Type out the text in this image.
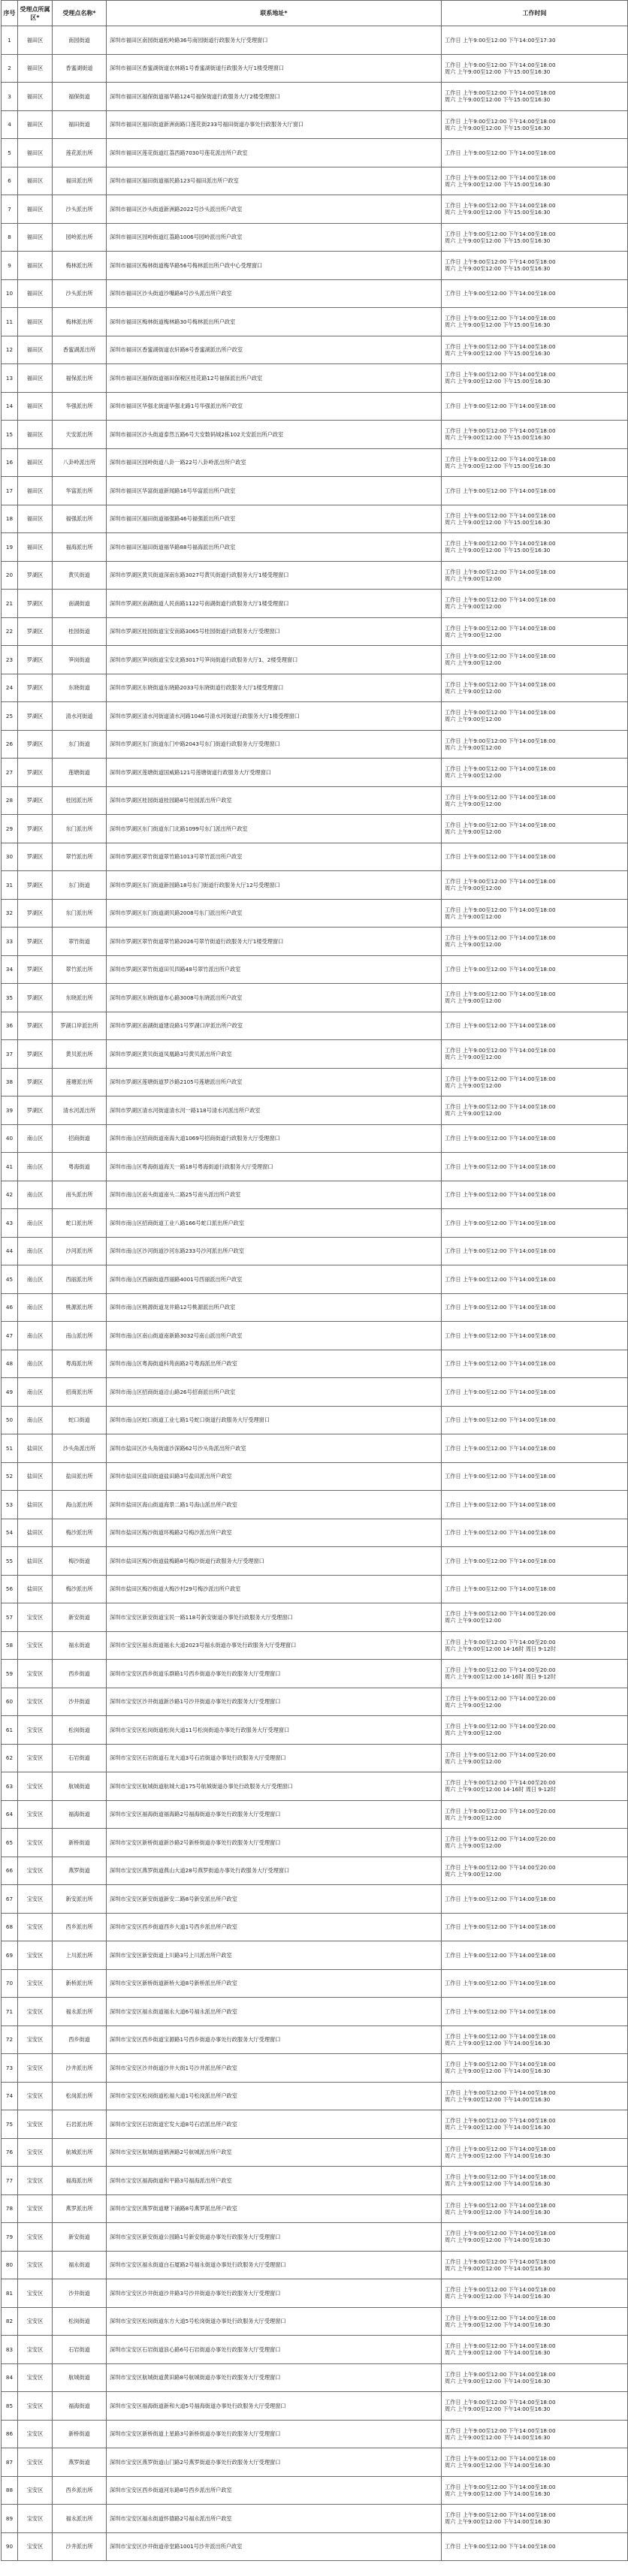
序号	受理点所属区*	受理点名称*	联系地址*	工作时间
1	福田区	南园街道	深圳市福田区南园街道松岭路36号南园街道行政服务大厅受理窗口	工作日 上午9:00至12:00 下午14:00至17:30

2	福田区	香蜜湖街道	深圳市福田区香蜜湖街道农林路1号香蜜湖街道行政服务大厅1楼受理窗口	工作日 上午9:00至12:00 下午14:00至18:00
周六 上午9:00至12:00 下午15:00至16:30

3	福田区	福保街道	深圳市福田区福保街道福华路124号福保街道行政服务大厅2楼受理窗口	工作日 上午9:00至12:00 下午14:00至18:00
周六 上午9:00至12:00 下午15:00至16:30

4	福田区	福田街道	深圳市福田区福田街道新洲南路口莲花街233号福田街道办事处行政服务大厅窗口	工作日 上午9:00至12:00 下午14:00至18:00
周六 上午9:00至12:00 下午15:00至16:30

5	福田区	莲花派出所	深圳市福田区莲花街道红荔西路7030号莲花派出所户政室	工作日 上午9:00至12:00 下午14:00至18:00

6	福田区	福田派出所	深圳市福田区福田街道福民路123号福田派出所户政室	工作日 上午9:00至12:00 下午14:00至18:00
周六 上午9:00至12:00 下午15:00至16:30

7	福田区	沙头派出所	深圳市福田区沙头街道新洲路2022号沙头派出所户政室	工作日 上午9:00至12:00 下午14:00至18:00
周六 上午9:00至12:00 下午15:00至16:30

8	福田区	园岭派出所	深圳市福田区园岭街道红荔路1006号园岭派出所户政室	工作日 上午9:00至12:00 下午14:00至18:00
周六 上午9:00至12:00 下午15:00至16:30

9	福田区	梅林派出所	深圳市福田区梅林街道梅华路56号梅林派出所户政中心受理窗口	工作日 上午9:00至12:00 下午14:00至18:00
周六 上午9:00至12:00 下午15:00至16:30

10	福田区	沙头派出所	深圳市福田区沙头街道沙嘴路8号沙头派出所户政室	工作日 上午9:00至12:00 下午14:00至18:00

11	福田区	梅林派出所	深圳市福田区梅林街道梅林路30号梅林派出所户政室	工作日 上午9:00至12:00 下午14:00至18:00
周六 上午9:00至12:00 下午15:00至16:30

12	福田区	香蜜湖派出所	深圳市福田区香蜜湖街道农轩路8号香蜜湖派出所户政室	工作日 上午9:00至12:00 下午14:00至18:00
周六 上午9:00至12:00 下午15:00至16:30

13	福田区	福保派出所	深圳市福田区福保街道福田保税区桂花路12号福保派出所户政室	工作日 上午9:00至12:00 下午14:00至18:00
周六 上午9:00至12:00 下午15:00至16:30

14	福田区	华强派出所	深圳市福田区华强北街道华强北路1号华强派出所户政室	工作日 上午9:00至12:00 下午14:00至18:00

15	福田区	天安派出所	深圳市福田区沙头街道泰然五路6号天安数码城2栋102天安派出所户政室	工作日 上午9:00至12:00 下午14:00至18:00
周六 上午9:00至12:00 下午15:00至16:30

16	福田区	八卦岭派出所	深圳市福田区园岭街道八卦一路22号八卦岭派出所户政室	工作日 上午9:00至12:00 下午14:00至18:00
周六 上午9:00至12:00 下午15:00至16:30

17	福田区	华富派出所	深圳市福田区华富街道新闻路16号华富派出所户政室	工作日 上午9:00至12:00 下午14:00至18:00

18	福田区	福强派出所	深圳市福田区福田街道福强路46号福强派出所户政室	工作日 上午9:00至12:00 下午14:00至18:00
周六 上午9:00至12:00 下午15:00至16:30

19	福田区	福海派出所	深圳市福田区福田街道福华路88号福海派出所户政室	工作日 上午9:00至12:00 下午14:00至18:00
周六 上午9:00至12:00 下午15:00至16:30

20	罗湖区	黄贝街道	深圳市罗湖区黄贝街道深南东路3027号黄贝街道行政服务大厅1楼受理窗口	工作日 上午9:00至12:00 下午14:00至18:00
周六 上午9:00至12:00

21	罗湖区	南湖街道	深圳市罗湖区南湖街道人民南路1122号南湖街道行政服务大厅1楼受理窗口	工作日 上午9:00至12:00 下午14:00至18:00
周六 上午9:00至12:00

22	罗湖区	桂园街道	深圳市罗湖区桂园街道宝安南路3065号桂园街道行政服务大厅受理窗口	工作日 上午9:00至12:00 下午14:00至18:00
周六 上午9:00至12:00

23	罗湖区	笋岗街道	深圳市罗湖区笋岗街道宝安北路3017号笋岗街道行政服务大厅1、2楼受理窗口	工作日 上午9:00至12:00 下午14:00至18:00
周六 上午9:00至12:00

24	罗湖区	东晓街道	深圳市罗湖区东晓街道东晓路2033号东晓街道行政服务大厅1楼受理窗口	工作日 上午9:00至12:00 下午14:00至18:00
周六 上午9:00至12:00

25	罗湖区	清水河街道	深圳市罗湖区清水河街道清水河路1046号清水河街道行政服务大厅1楼受理窗口	工作日 上午9:00至12:00 下午14:00至18:00
周六 上午9:00至12:00

26	罗湖区	东门街道	深圳市罗湖区东门街道东门中路2043号东门街道行政服务大厅受理窗口	工作日 上午9:00至12:00 下午14:00至18:00
周六 上午9:00至12:00

27	罗湖区	莲塘街道	深圳市罗湖区莲塘街道国威路121号莲塘街道行政服务大厅受理窗口	工作日 上午9:00至12:00 下午14:00至18:00
周六 上午9:00至12:00

28	罗湖区	桂园派出所	深圳市罗湖区桂园街道桂园路8号桂园派出所户政室	工作日 上午9:00至12:00 下午14:00至18:00
周六 上午9:00至12:00

29	罗湖区	东门派出所	深圳市罗湖区东门街道东门北路1099号东门派出所户政室	工作日 上午9:00至12:00 下午14:00至18:00
周六 上午9:00至12:00

30	罗湖区	翠竹派出所	深圳市罗湖区翠竹街道翠竹路1013号翠竹派出所户政室	工作日 上午9:00至12:00 下午14:00至18:00

31	罗湖区	东门街道	深圳市罗湖区东门街道新园路18号东门街道行政服务大厅12号受理窗口	工作日 上午9:00至12:00 下午14:00至18:00
周六 上午9:00至12:00

32	罗湖区	东门派出所	深圳市罗湖区东门街道湖贝路2008号东门派出所户政室	工作日 上午9:00至12:00 下午14:00至18:00
周六 上午9:00至12:00

33	罗湖区	翠竹街道	深圳市罗湖区翠竹街道翠竹路2026号翠竹街道行政服务大厅1楼受理窗口	工作日 上午9:00至12:00 下午14:00至18:00
周六 上午9:00至12:00

34	罗湖区	翠竹派出所	深圳市罗湖区翠竹街道田贝四路48号翠竹派出所户政室	工作日 上午9:00至12:00 下午14:00至18:00

35	罗湖区	东晓派出所	深圳市罗湖区东晓街道布心路3008号东晓派出所户政室	工作日 上午9:00至12:00 下午14:00至18:00
周六 上午9:00至12:00

36	罗湖区	罗湖口岸派出所	深圳市罗湖区南湖街道建设路1号罗湖口岸派出所户政室	工作日 上午9:00至12:00 下午14:00至18:00

37	罗湖区	黄贝派出所	深圳市罗湖区黄贝街道凤凰路3号黄贝派出所户政室	工作日 上午9:00至12:00 下午14:00至18:00
周六 上午9:00至12:00

38	罗湖区	莲塘派出所	深圳市罗湖区莲塘街道罗沙路2105号莲塘派出所户政室	工作日 上午9:00至12:00 下午14:00至18:00
周六 上午9:00至12:00

39	罗湖区	清水河派出所	深圳市罗湖区清水河街道清水河一路118号清水河派出所户政室	工作日 上午9:00至12:00 下午14:00至18:00
周六 上午9:00至12:00

40	南山区	招商街道	深圳市南山区招商街道南海大道1069号招商街道行政服务大厅受理窗口	工作日 上午9:00至12:00 下午14:00至18:00

41	南山区	粤海街道	深圳市南山区粤海街道海天一路18号粤海街道行政服务大厅受理窗口	工作日 上午9:00至12:00 下午14:00至18:00

42	南山区	南头派出所	深圳市南山区南头街道南头二路25号南头派出所户政室	工作日 上午9:00至12:00 下午14:00至18:00

43	南山区	蛇口派出所	深圳市南山区招商街道工业八路166号蛇口派出所户政室	工作日 上午9:00至12:00 下午14:00至18:00

44	南山区	沙河派出所	深圳市南山区沙河街道沙河东路233号沙河派出所户政室	工作日 上午9:00至12:00 下午14:00至18:00

45	南山区	西丽派出所	深圳市南山区西丽街道西丽路4001号西丽派出所户政室	工作日 上午9:00至12:00 下午14:00至18:00

46	南山区	桃源派出所	深圳市南山区桃源街道龙井路12号桃源派出所户政室	工作日 上午9:00至12:00 下午14:00至18:00

47	南山区	南山派出所	深圳市南山区南山街道南新路3032号南山派出所户政室	工作日 上午9:00至12:00 下午14:00至18:00

48	南山区	粤海派出所	深圳市南山区粤海街道科苑南路2号粤海派出所户政室	工作日 上午9:00至12:00 下午14:00至18:00

49	南山区	招商派出所	深圳市南山区招商街道沿山路26号招商派出所户政室	工作日 上午9:00至12:00 下午14:00至18:00

50	南山区	蛇口街道	深圳市南山区蛇口街道工业七路1号蛇口街道行政服务大厅受理窗口	工作日 上午9:00至12:00 下午14:00至18:00

51	盐田区	沙头角派出所	深圳市盐田区沙头角街道沙深路62号沙头角派出所户政室	工作日 上午9:00至12:00 下午14:00至18:00

52	盐田区	盐田派出所	深圳市盐田区盐田街道盐田路3号盐田派出所户政室	工作日 上午9:00至12:00 下午14:00至18:00

53	盐田区	海山派出所	深圳市盐田区海山街道海景二路1号海山派出所户政室	工作日 上午9:00至12:00 下午14:00至18:00

54	盐田区	梅沙派出所	深圳市盐田区梅沙街道环梅路2号梅沙派出所户政室	工作日 上午9:00至12:00 下午14:00至18:00

55	盐田区	梅沙街道	深圳市盐田区梅沙街道盐梅路8号梅沙街道行政服务大厅受理窗口	工作日 上午9:00至12:00 下午14:00至18:00

56	盐田区	梅沙派出所	深圳市盐田区梅沙街道大梅沙村29号梅沙派出所户政室	工作日 上午9:00至12:00 下午14:00至18:00

57	宝安区	新安街道	深圳市宝安区新安街道宝民一路118号新安街道办事处行政服务大厅受理窗口	工作日 上午9:00至12:00 下午14:00至20:00
周六 上午9:00至12:00

58	宝安区	福永街道	深圳市宝安区福永街道福永大道2023号福永街道办事处行政服务大厅受理窗口	工作日 上午9:00至12:00 下午14:00至20:00
周六 上午9:00至12:00 14-16时 周日 9-12时

59	宝安区	西乡街道	深圳市宝安区西乡街道乐群路1号西乡街道办事处行政服务大厅受理窗口	工作日 上午9:00至12:00 下午14:00至20:00
周六 上午9:00至12:00 14-16时 周日 9-12时

60	宝安区	沙井街道	深圳市宝安区沙井街道新沙路1号沙井街道办事处行政服务大厅受理窗口	工作日 上午9:00至12:00 下午14:00至20:00
周六 上午9:00至12:00

61	宝安区	松岗街道	深圳市宝安区松岗街道松岗大道11号松岗街道办事处行政服务大厅受理窗口	工作日 上午9:00至12:00 下午14:00至20:00
周六 上午9:00至12:00

62	宝安区	石岩街道	深圳市宝安区石岩街道石龙大道3号石岩街道办事处行政服务大厅受理窗口	工作日 上午9:00至12:00 下午14:00至20:00
周六 上午9:00至12:00

63	宝安区	航城街道	深圳市宝安区航城街道航城大道175号航城街道办事处行政服务大厅受理窗口	工作日 上午9:00至12:00 下午14:00至20:00
周六 上午9:00至12:00 14-16时 周日 9-12时

64	宝安区	福海街道	深圳市宝安区福海街道福海路2号福海街道办事处行政服务大厅受理窗口	工作日 上午9:00至12:00 下午14:00至20:00
周六 上午9:00至12:00

65	宝安区	新桥街道	深圳市宝安区新桥街道新沙路2号新桥街道办事处行政服务大厅受理窗口	工作日 上午9:00至12:00 下午14:00至20:00
周六 上午9:00至12:00

66	宝安区	燕罗街道	深圳市宝安区燕罗街道燕山大道28号燕罗街道办事处行政服务大厅受理窗口	工作日 上午9:00至12:00 下午14:00至20:00
周六 上午9:00至12:00

67	宝安区	新安派出所	深圳市宝安区新安街道新安二路8号新安派出所户政室	工作日 上午9:00至12:00 下午14:00至18:00

68	宝安区	西乡派出所	深圳市宝安区西乡街道西乡大道1号西乡派出所户政室	工作日 上午9:00至12:00 下午14:00至18:00

69	宝安区	上川派出所	深圳市宝安区新安街道上川路3号上川派出所户政室	工作日 上午9:00至12:00 下午14:00至18:00

70	宝安区	新桥派出所	深圳市宝安区新桥街道新桥大道8号新桥派出所户政室	工作日 上午9:00至12:00 下午14:00至18:00

71	宝安区	福永派出所	深圳市宝安区福永街道福永大道6号福永派出所户政室	工作日 上午9:00至12:00 下午14:00至18:00

72	宝安区	西乡街道	深圳市宝安区西乡街道宝源路1号西乡街道办事处行政服务大厅受理窗口	工作日 上午9:00至12:00 下午14:00至18:00
周六 上午9:00至12:00 下午14:00至16:30

73	宝安区	沙井派出所	深圳市宝安区沙井街道沙井大街1号沙井派出所户政室	工作日 上午9:00至12:00 下午14:00至18:00
周六 上午9:00至12:00 下午14:00至16:30

74	宝安区	松岗派出所	深圳市宝安区松岗街道松福大道1号松岗派出所户政室	工作日 上午9:00至12:00 下午14:00至18:00
周六 上午9:00至12:00 下午14:00至16:30

75	宝安区	石岩派出所	深圳市宝安区石岩街道宏发大道8号石岩派出所户政室	工作日 上午9:00至12:00 下午14:00至18:00
周六 上午9:00至12:00 下午14:00至16:30

76	宝安区	航城派出所	深圳市宝安区航城街道鹤洲路2号航城派出所户政室	工作日 上午9:00至12:00 下午14:00至18:00
周六 上午9:00至12:00 下午14:00至16:30

77	宝安区	福海派出所	深圳市宝安区福海街道和平路3号福海派出所户政室	工作日 上午9:00至12:00 下午14:00至18:00
周六 上午9:00至12:00 下午14:00至16:30

78	宝安区	燕罗派出所	深圳市宝安区燕罗街道塘下涌路8号燕罗派出所户政室	工作日 上午9:00至12:00 下午14:00至18:00
周六 上午9:00至12:00 下午14:00至16:30

79	宝安区	新安街道	深圳市宝安区新安街道公园路1号新安街道办事处行政服务大厅受理窗口	工作日 上午9:00至12:00 下午14:00至18:00
周六 上午9:00至12:00 下午14:00至16:30

80	宝安区	福永街道	深圳市宝安区福永街道白石厦路2号福永街道办事处行政服务大厅受理窗口	工作日 上午9:00至12:00 下午14:00至18:00
周六 上午9:00至12:00 下午14:00至16:30

81	宝安区	沙井街道	深圳市宝安区沙井街道沙井路3号沙井街道办事处行政服务大厅受理窗口	工作日 上午9:00至12:00 下午14:00至18:00
周六 上午9:00至12:00 下午14:00至16:30

82	宝安区	松岗街道	深圳市宝安区松岗街道东方大道5号松岗街道办事处行政服务大厅受理窗口	工作日 上午9:00至12:00 下午14:00至18:00
周六 上午9:00至12:00 下午14:00至16:30

83	宝安区	石岩街道	深圳市宝安区石岩街道浪心路6号石岩街道办事处行政服务大厅受理窗口	工作日 上午9:00至12:00 下午14:00至18:00
周六 上午9:00至12:00 下午14:00至16:30

84	宝安区	航城街道	深圳市宝安区航城街道黄田路8号航城街道办事处行政服务大厅受理窗口	工作日 上午9:00至12:00 下午14:00至18:00
周六 上午9:00至12:00 下午14:00至16:30

85	宝安区	福海街道	深圳市宝安区福海街道新和大道5号福海街道办事处行政服务大厅受理窗口	工作日 上午9:00至12:00 下午14:00至18:00
周六 上午9:00至12:00 下午14:00至16:30

86	宝安区	新桥街道	深圳市宝安区新桥街道上星路3号新桥街道办事处行政服务大厅受理窗口	工作日 上午9:00至12:00 下午14:00至18:00
周六 上午9:00至12:00 下午14:00至16:30

87	宝安区	燕罗街道	深圳市宝安区燕罗街道山门路2号燕罗街道办事处行政服务大厅受理窗口	工作日 上午9:00至12:00 下午14:00至18:00
周六 上午9:00至12:00 下午14:00至16:30

88	宝安区	西乡派出所	深圳市宝安区西乡街道河东路8号西乡派出所户政室	工作日 上午9:00至12:00 下午14:00至18:00
周六 上午9:00至12:00 下午14:00至16:30

89	宝安区	福永派出所	深圳市宝安区福永街道怀德路2号福永派出所户政室	工作日 上午9:00至12:00 下午14:00至18:00
周六 上午9:00至12:00 下午14:00至16:30

90	宝安区	沙井派出所	深圳市宝安区沙井街道帝堂路1001号沙井派出所户政室	工作日 上午9:00至12:00 下午14:00至18:00
